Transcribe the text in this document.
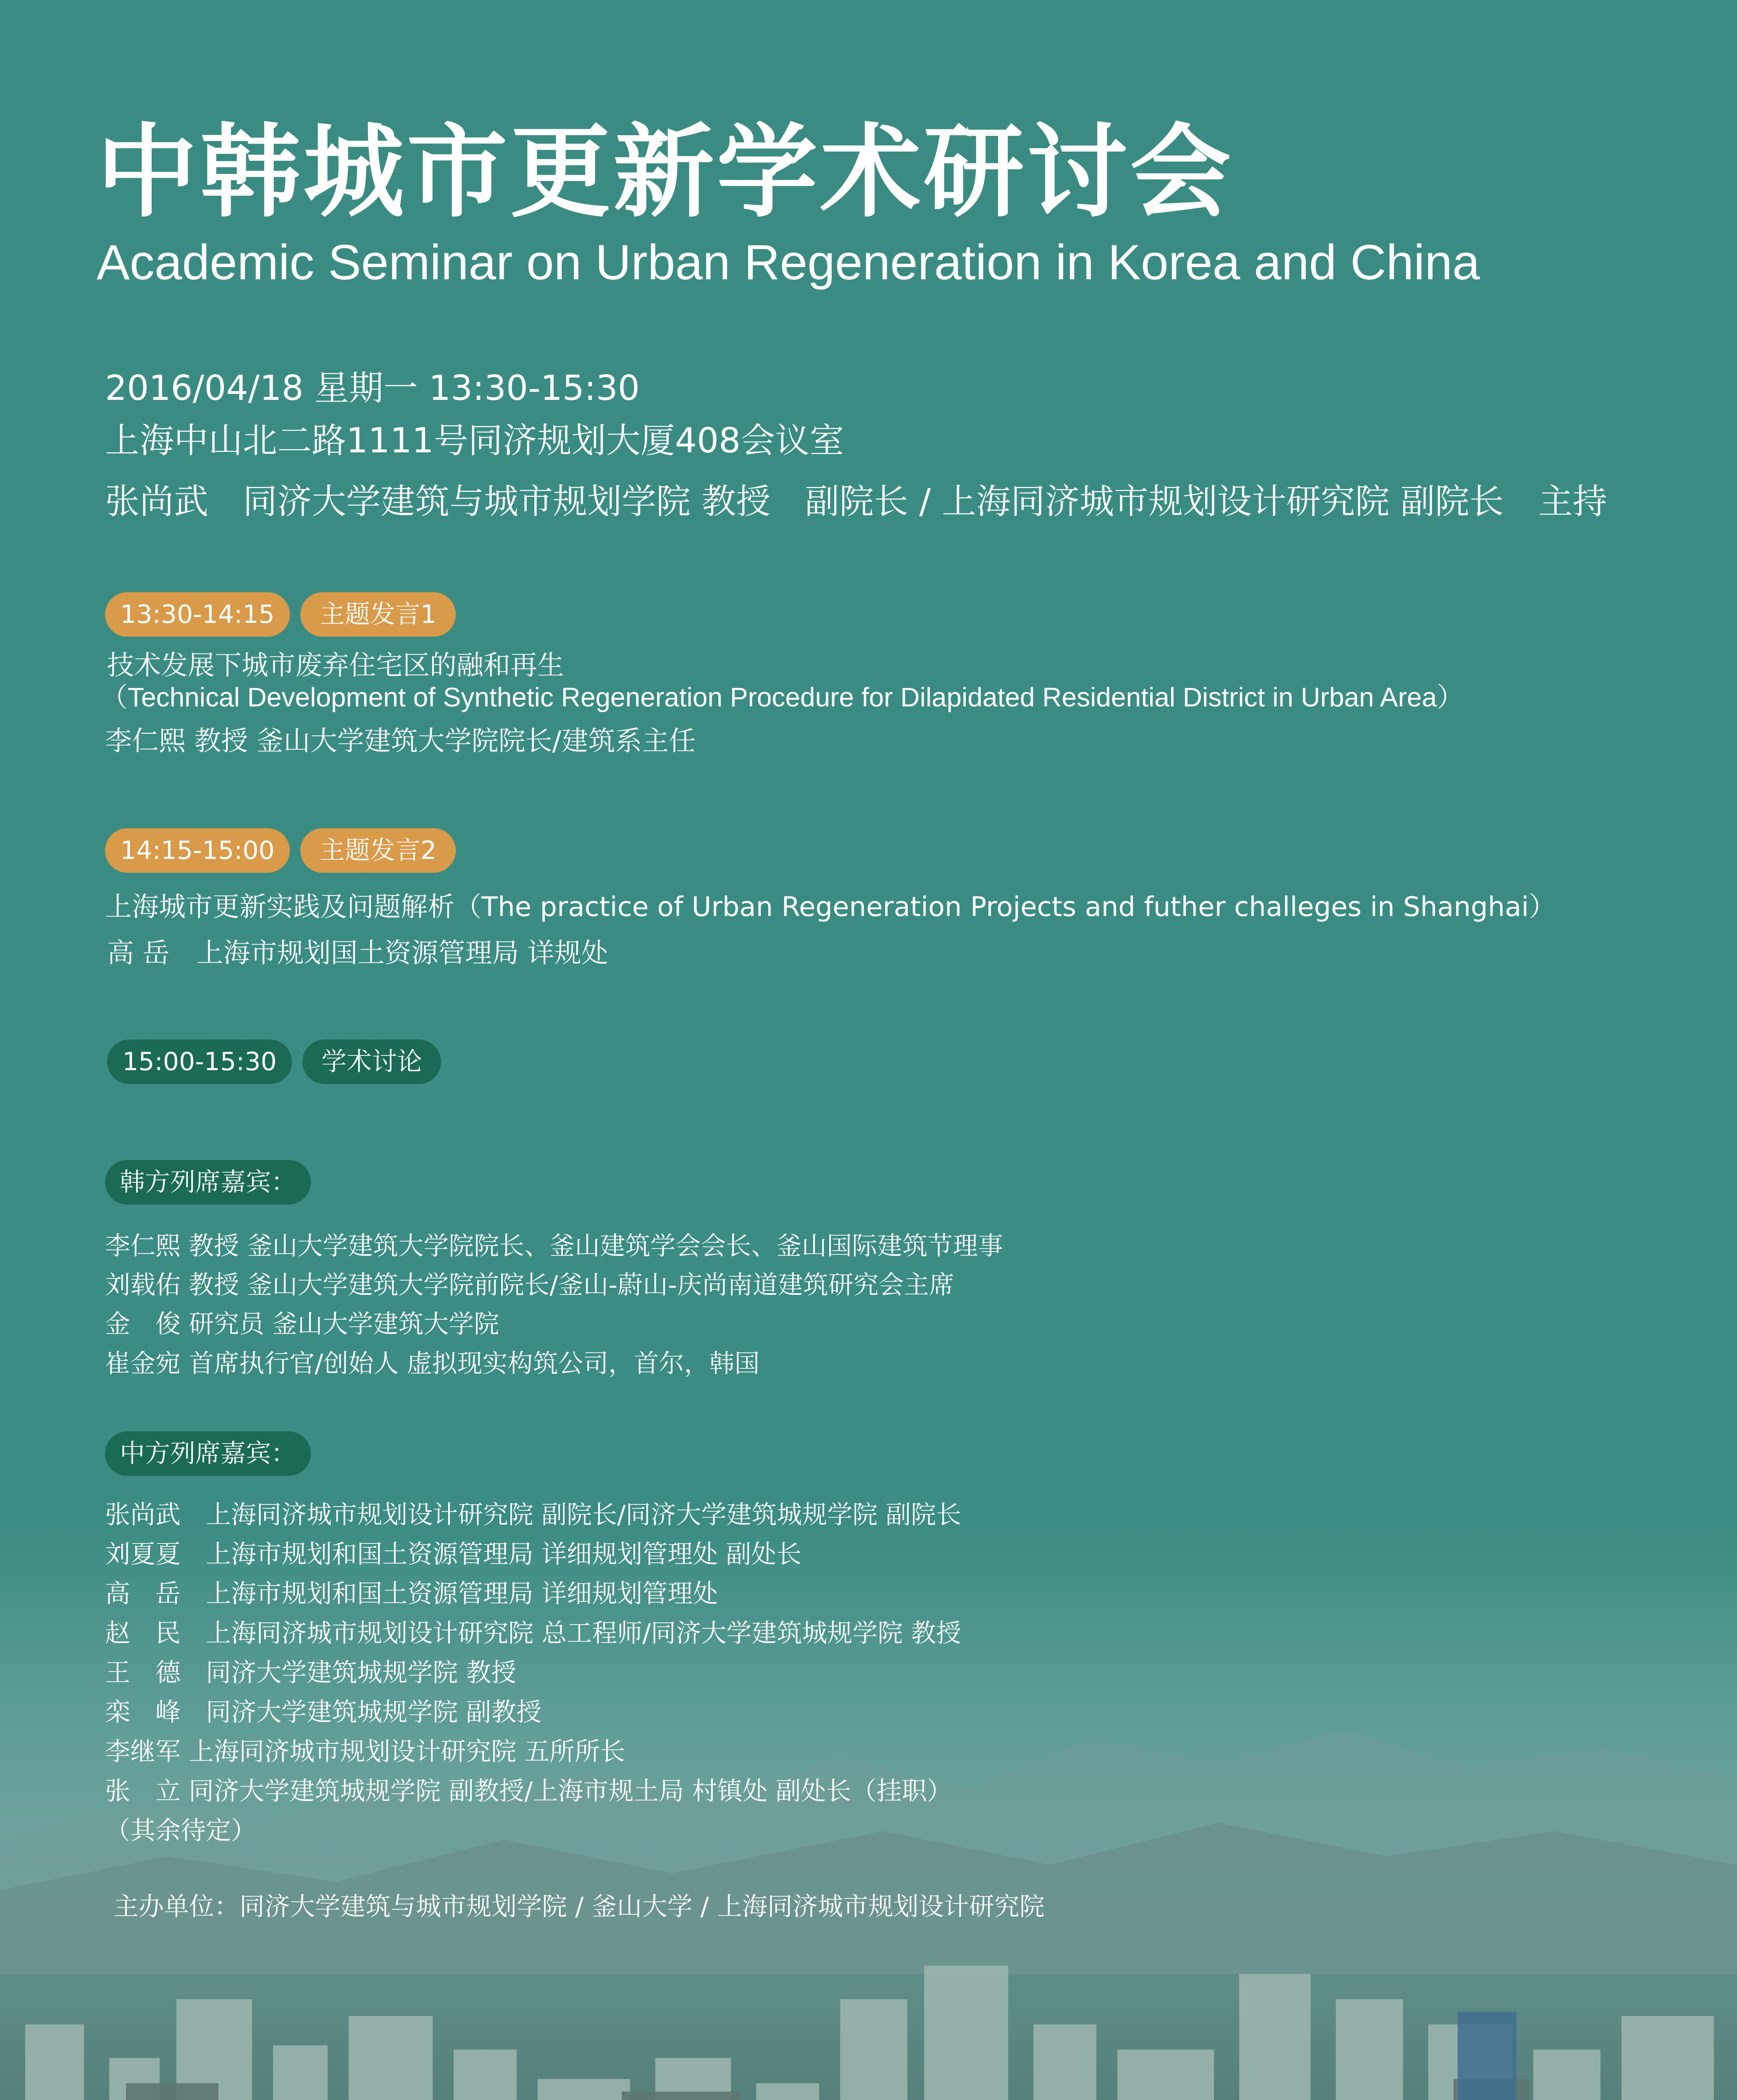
中韩城市更新学术研讨会
Academic Seminar on Urban Regeneration in Korea and China
2016/04/18 星期一 13:30-15:30
上海中山北二路1111号同济规划大厦408会议室
张尚武　同济大学建筑与城市规划学院 教授　副院长 / 上海同济城市规划设计研究院 副院长　主持
13:30-14:15	主题发言1
技术发展下城市废弃住宅区的融和再生
（Technical Development of Synthetic Regeneration Procedure for Dilapidated Residential District in Urban Area）
李仁熙 教授 釜山大学建筑大学院院长/建筑系主任
14:15-15:00	主题发言2
上海城市更新实践及问题解析（The practice of Urban Regeneration Projects and futher challeges in Shanghai）
高 岳　上海市规划国土资源管理局 详规处
15:00-15:30	学术讨论
韩方列席嘉宾：
李仁熙 教授 釜山大学建筑大学院院长、釜山建筑学会会长、釜山国际建筑节理事
刘载佑 教授 釜山大学建筑大学院前院长/釜山-蔚山-庆尚南道建筑研究会主席
金　俊 研究员 釜山大学建筑大学院
崔金宛 首席执行官/创始人 虚拟现实构筑公司，首尔，韩国
中方列席嘉宾：
张尚武　上海同济城市规划设计研究院 副院长/同济大学建筑城规学院 副院长
刘夏夏　上海市规划和国土资源管理局 详细规划管理处 副处长
高　岳　上海市规划和国土资源管理局 详细规划管理处
赵　民　上海同济城市规划设计研究院 总工程师/同济大学建筑城规学院 教授
王　德　同济大学建筑城规学院 教授
栾　峰　同济大学建筑城规学院 副教授
李继军 上海同济城市规划设计研究院 五所所长
张　立 同济大学建筑城规学院 副教授/上海市规土局 村镇处 副处长（挂职）
（其余待定）
主办单位：同济大学建筑与城市规划学院 / 釜山大学 / 上海同济城市规划设计研究院
